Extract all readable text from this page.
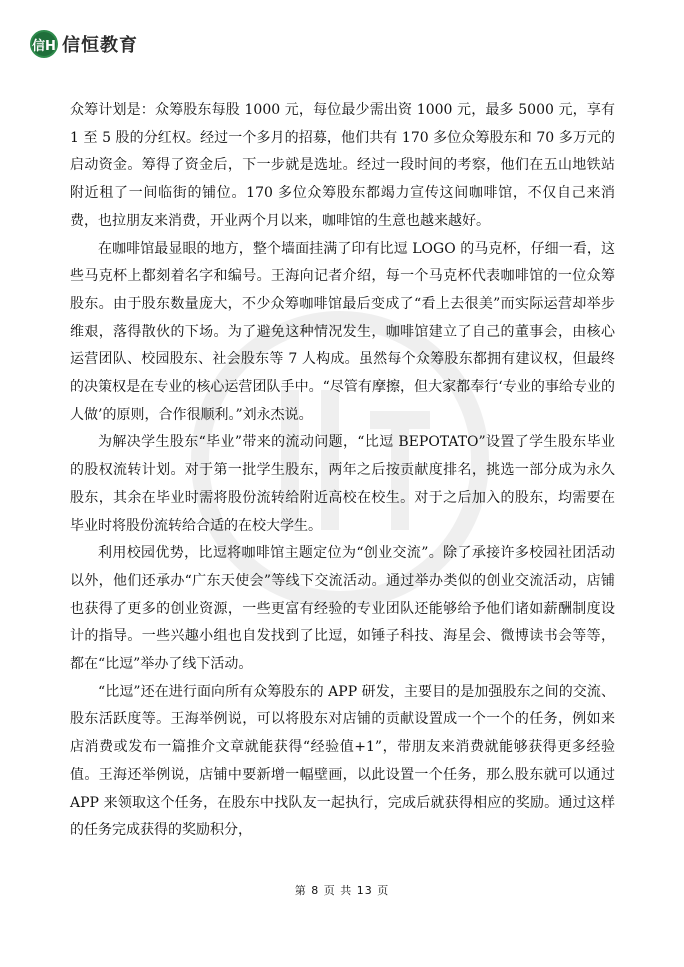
信H 信恒教育

众筹计划是：众筹股东每股 1000 元，每位最少需出资 1000 元，最多 5000 元，享有 1 至 5 股的分红权。经过一个多月的招募，他们共有 170 多位众筹股东和 70 多万元的启动资金。筹得了资金后，下一步就是选址。经过一段时间的考察，他们在五山地铁站附近租了一间临街的铺位。170 多位众筹股东都竭力宣传这间咖啡馆，不仅自己来消费，也拉朋友来消费，开业两个月以来，咖啡馆的生意也越来越好。

在咖啡馆最显眼的地方，整个墙面挂满了印有比逗 LOGO 的马克杯，仔细一看，这些马克杯上都刻着名字和编号。王海向记者介绍，每一个马克杯代表咖啡馆的一位众筹股东。由于股东数量庞大，不少众筹咖啡馆最后变成了“看上去很美”而实际运营却举步维艰，落得散伙的下场。为了避免这种情况发生，咖啡馆建立了自己的董事会，由核心运营团队、校园股东、社会股东等 7 人构成。虽然每个众筹股东都拥有建议权，但最终的决策权是在专业的核心运营团队手中。“尽管有摩擦，但大家都奉行‘专业的事给专业的人做’的原则，合作很顺利。”刘永杰说。

为解决学生股东“毕业”带来的流动问题，“比逗 BEPOTATO”设置了学生股东毕业的股权流转计划。对于第一批学生股东，两年之后按贡献度排名，挑选一部分成为永久股东，其余在毕业时需将股份流转给附近高校在校生。对于之后加入的股东，均需要在毕业时将股份流转给合适的在校大学生。

利用校园优势，比逗将咖啡馆主题定位为“创业交流”。除了承接许多校园社团活动以外，他们还承办“广东天使会”等线下交流活动。通过举办类似的创业交流活动，店铺也获得了更多的创业资源，一些更富有经验的专业团队还能够给予他们诸如薪酬制度设计的指导。一些兴趣小组也自发找到了比逗，如锤子科技、海星会、微博读书会等等，都在“比逗”举办了线下活动。

“比逗”还在进行面向所有众筹股东的 APP 研发，主要目的是加强股东之间的交流、股东活跃度等。王海举例说，可以将股东对店铺的贡献设置成一个一个的任务，例如来店消费或发布一篇推介文章就能获得“经验值+1”，带朋友来消费就能够获得更多经验值。王海还举例说，店铺中要新增一幅壁画，以此设置一个任务，那么股东就可以通过 APP 来领取这个任务，在股东中找队友一起执行，完成后就获得相应的奖励。通过这样的任务完成获得的奖励积分，

第 8 页 共 13 页
